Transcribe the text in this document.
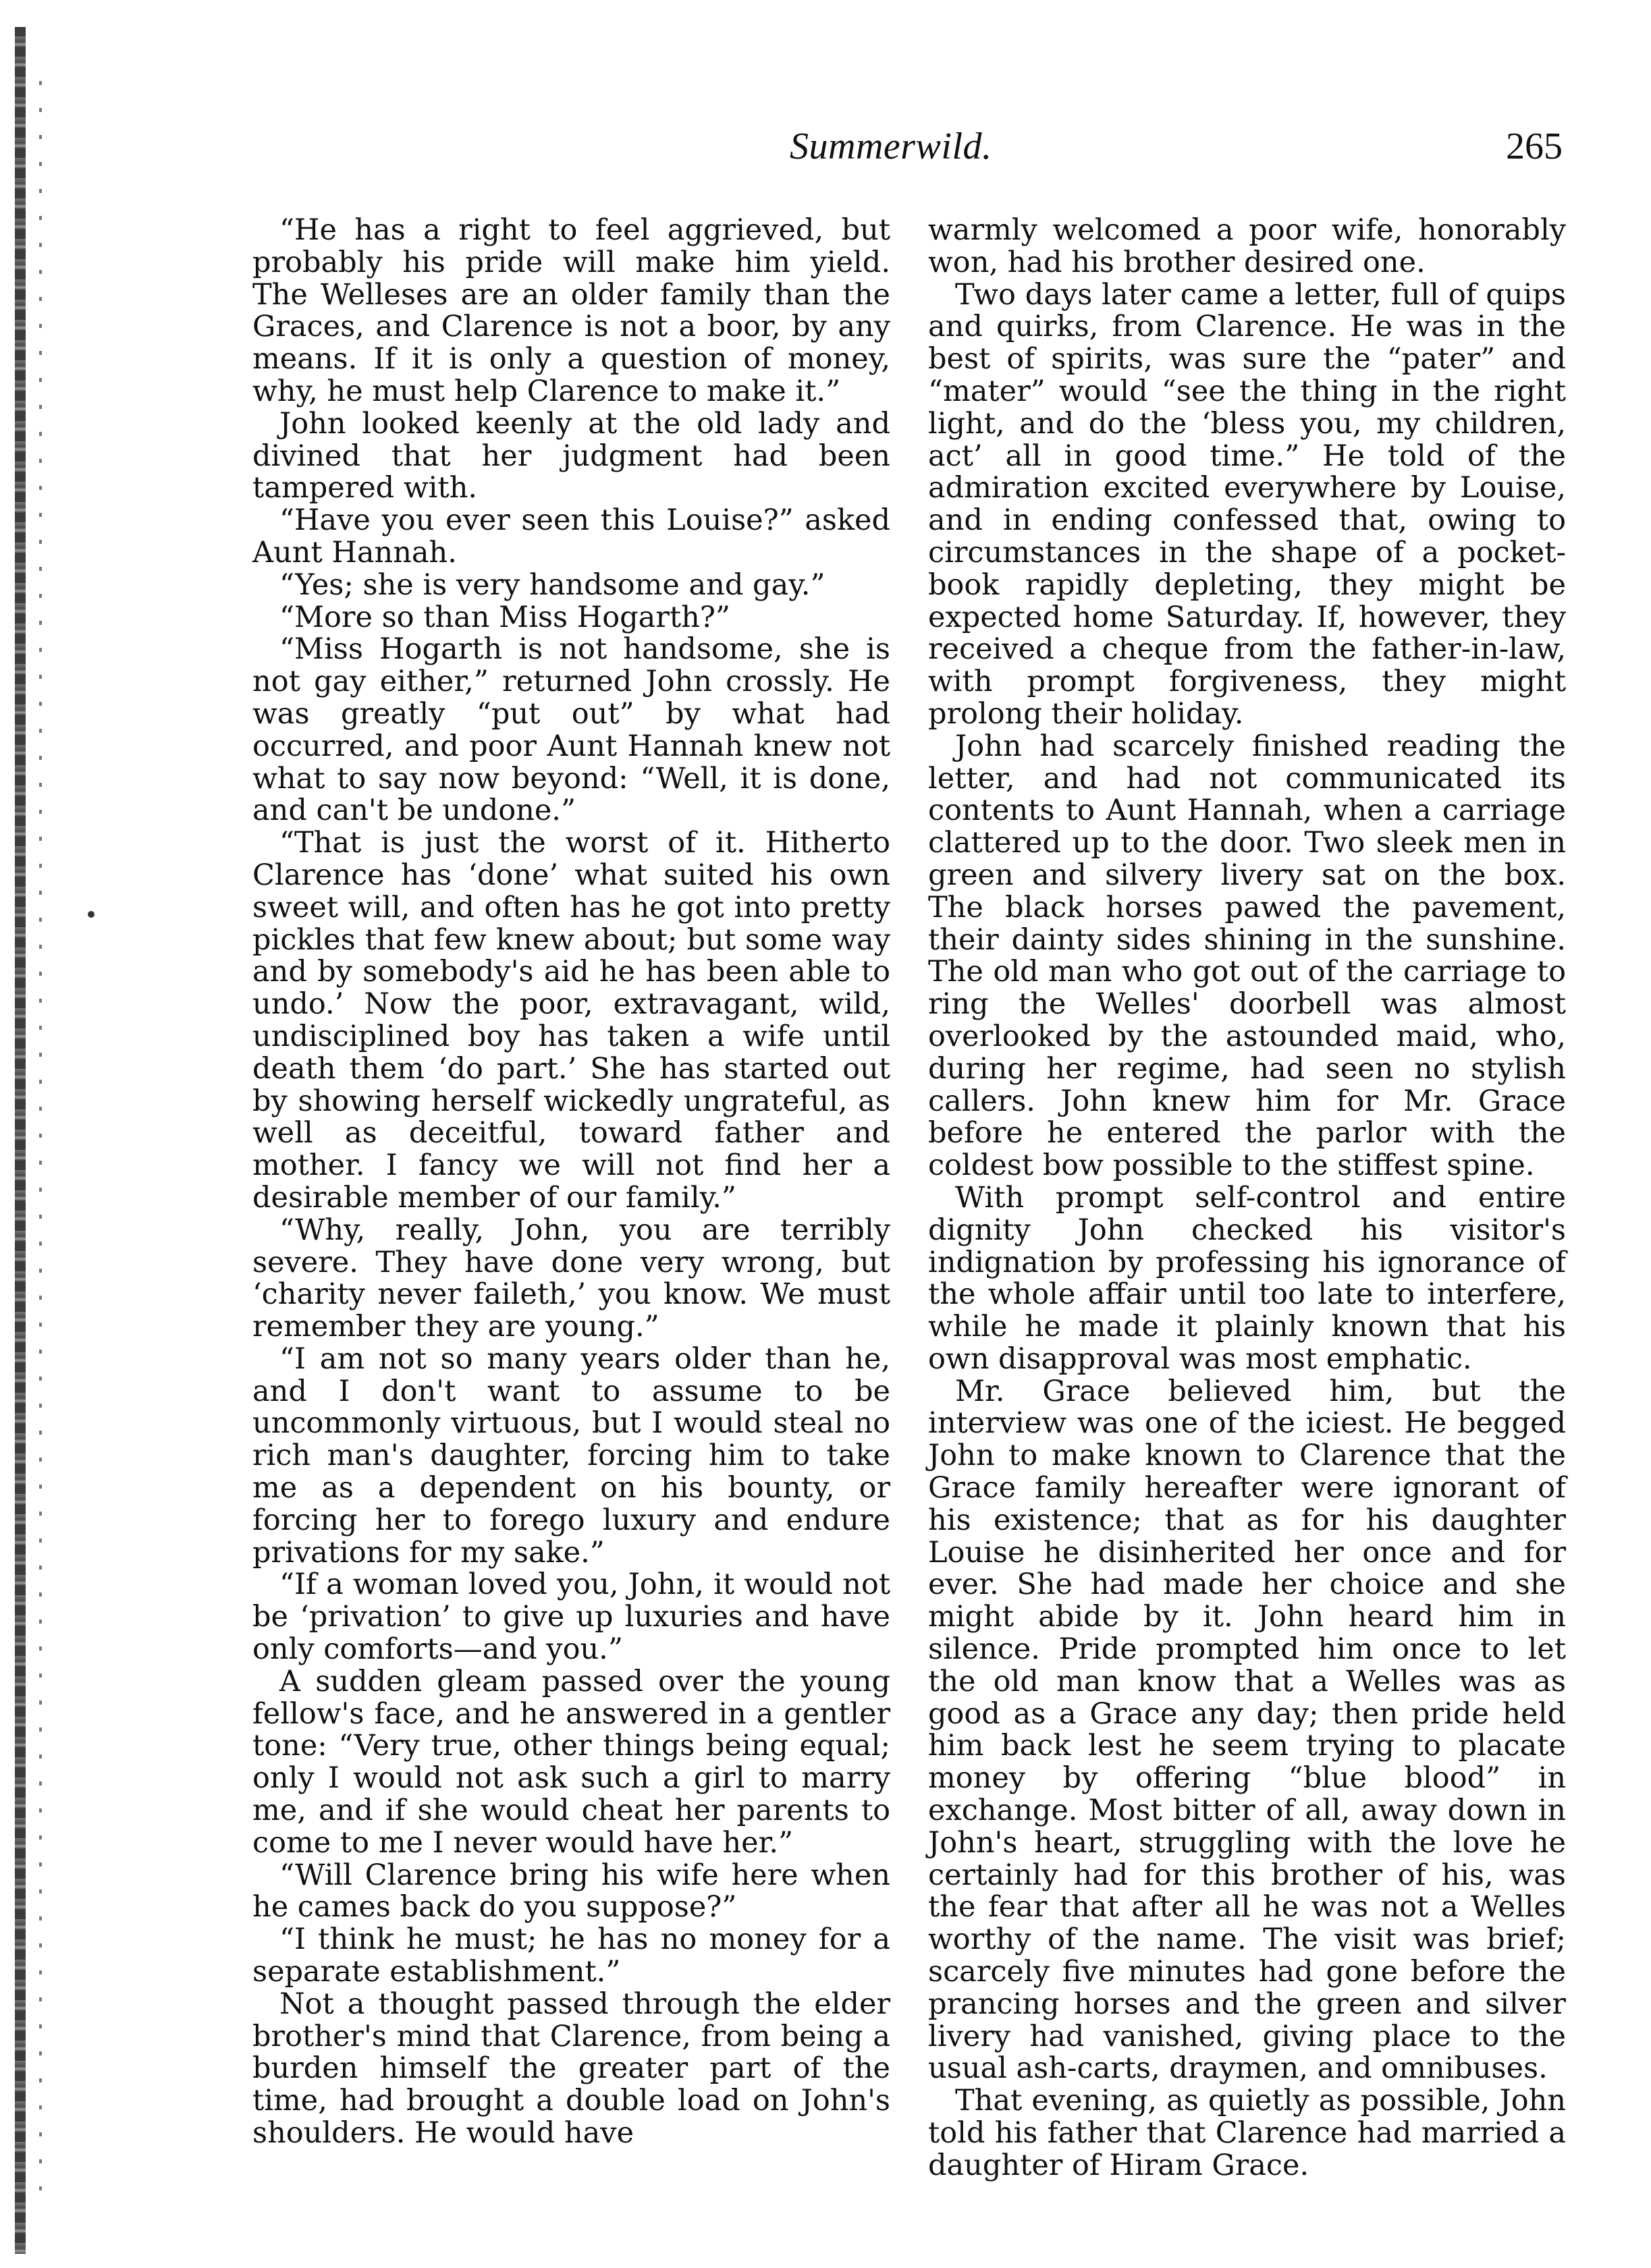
Summerwild.	265

“He has a right to feel aggrieved, but probably his pride will make him yield. The Welleses are an older family than the Graces, and Clarence is not a boor, by any means. If it is only a question of money, why, he must help Clarence to make it.”

John looked keenly at the old lady and divined that her judgment had been tampered with.

“Have you ever seen this Louise?” asked Aunt Hannah.

“Yes; she is very handsome and gay.”

“More so than Miss Hogarth?”

“Miss Hogarth is not handsome, she is not gay either,” returned John crossly. He was greatly “put out” by what had occurred, and poor Aunt Hannah knew not what to say now beyond: “Well, it is done, and can't be undone.”

“That is just the worst of it. Hitherto Clarence has ‘done’ what suited his own sweet will, and often has he got into pretty pickles that few knew about; but some way and by somebody's aid he has been able to undo.’ Now the poor, extravagant, wild, undisciplined boy has taken a wife until death them ‘do part.’ She has started out by showing herself wickedly ungrateful, as well as deceitful, toward father and mother. I fancy we will not find her a desirable member of our family.”

“Why, really, John, you are terribly severe. They have done very wrong, but ‘charity never faileth,’ you know. We must remember they are young.”

“I am not so many years older than he, and I don't want to assume to be uncommonly virtuous, but I would steal no rich man's daughter, forcing him to take me as a dependent on his bounty, or forcing her to forego luxury and endure privations for my sake.”

“If a woman loved you, John, it would not be ‘privation’ to give up luxuries and have only comforts—and you.”

A sudden gleam passed over the young fellow's face, and he answered in a gentler tone: “Very true, other things being equal; only I would not ask such a girl to marry me, and if she would cheat her parents to come to me I never would have her.”

“Will Clarence bring his wife here when he cames back do you suppose?”

“I think he must; he has no money for a separate establishment.”

Not a thought passed through the elder brother's mind that Clarence, from being a burden himself the greater part of the time, had brought a double load on John's shoulders. He would have

warmly welcomed a poor wife, honorably won, had his brother desired one.

Two days later came a letter, full of quips and quirks, from Clarence. He was in the best of spirits, was sure the “pater” and “mater” would “see the thing in the right light, and do the ‘bless you, my children, act’ all in good time.” He told of the admiration excited everywhere by Louise, and in ending confessed that, owing to circumstances in the shape of a pocket-book rapidly depleting, they might be expected home Saturday. If, however, they received a cheque from the father-in-law, with prompt forgiveness, they might prolong their holiday.

John had scarcely finished reading the letter, and had not communicated its contents to Aunt Hannah, when a carriage clattered up to the door. Two sleek men in green and silvery livery sat on the box. The black horses pawed the pavement, their dainty sides shining in the sunshine. The old man who got out of the carriage to ring the Welles' doorbell was almost overlooked by the astounded maid, who, during her regime, had seen no stylish callers. John knew him for Mr. Grace before he entered the parlor with the coldest bow possible to the stiffest spine.

With prompt self-control and entire dignity John checked his visitor's indignation by professing his ignorance of the whole affair until too late to interfere, while he made it plainly known that his own disapproval was most emphatic.

Mr. Grace believed him, but the interview was one of the iciest. He begged John to make known to Clarence that the Grace family hereafter were ignorant of his existence; that as for his daughter Louise he disinherited her once and for ever. She had made her choice and she might abide by it. John heard him in silence. Pride prompted him once to let the old man know that a Welles was as good as a Grace any day; then pride held him back lest he seem trying to placate money by offering “blue blood” in exchange. Most bitter of all, away down in John's heart, struggling with the love he certainly had for this brother of his, was the fear that after all he was not a Welles worthy of the name. The visit was brief; scarcely five minutes had gone before the prancing horses and the green and silver livery had vanished, giving place to the usual ash-carts, draymen, and omnibuses.

That evening, as quietly as possible, John told his father that Clarence had married a daughter of Hiram Grace.
